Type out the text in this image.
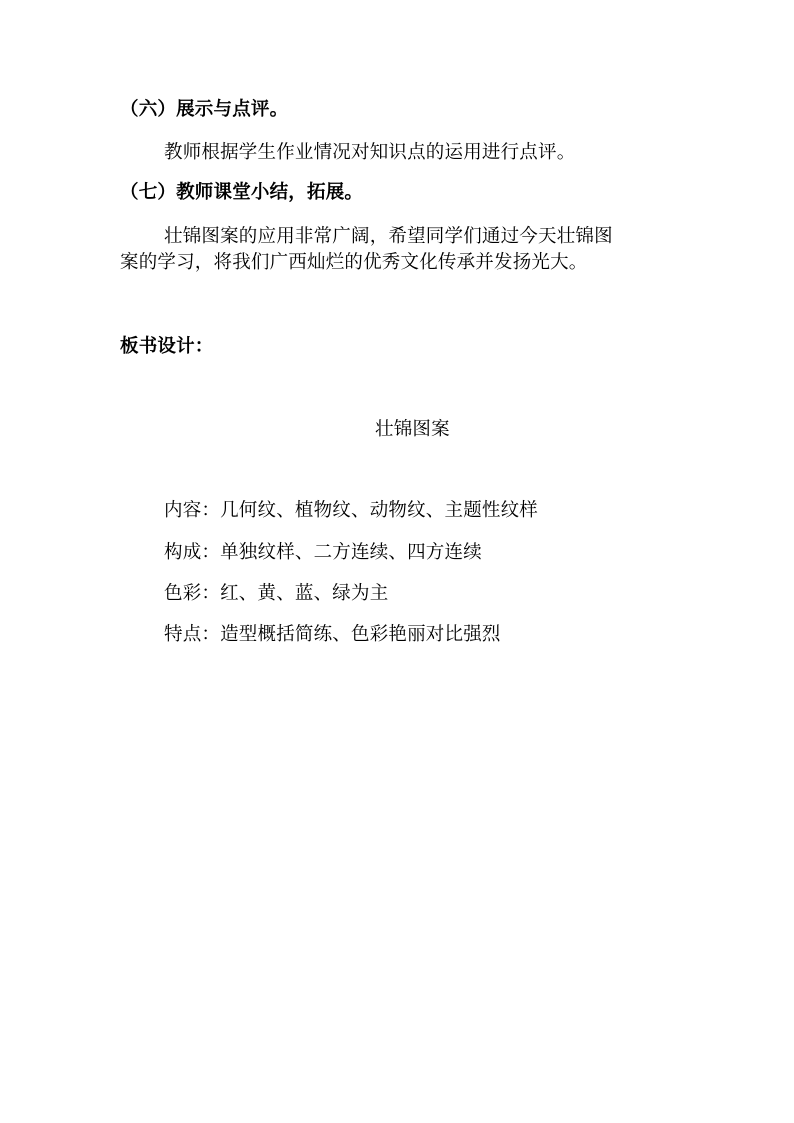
（六）展示与点评。
教师根据学生作业情况对知识点的运用进行点评。
（七）教师课堂小结，拓展。
壮锦图案的应用非常广阔，希望同学们通过今天壮锦图
案的学习，将我们广西灿烂的优秀文化传承并发扬光大。
板书设计：
壮锦图案
内容：几何纹、植物纹、动物纹、主题性纹样
构成：单独纹样、二方连续、四方连续
色彩：红、黄、蓝、绿为主
特点：造型概括简练、色彩艳丽对比强烈
